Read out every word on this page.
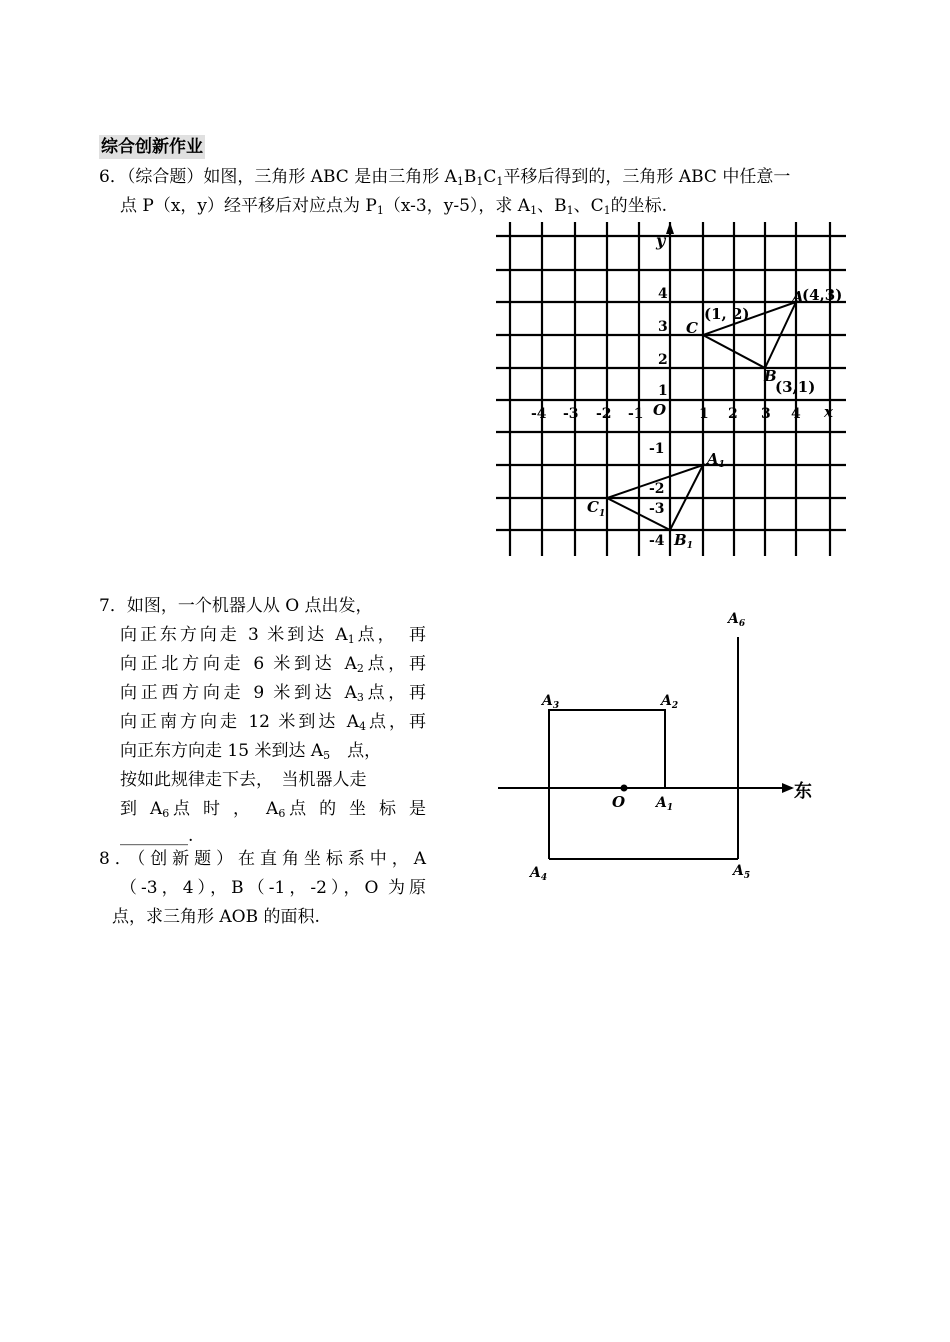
综合创新作业
6．（综合题）如图，三角形 ABC 是由三角形 $A_1B_1C_1$平移后得到的，三角形 ABC 中任意一
点 P（x，y）经平移后对应点为 $P_1(x-3$，y-5），求 $A_1$、$B_1$、$C_1$的坐标.
y
x
O
-4 -3 -2 -1	1 2 3 4
4
3
2
1
-1
-2
-3
-4
A
(4,3)
C
(1, 2)
B
(3,1)
$A_1$
$C_1$
$B_1$
7．如图，一个机器人从 O 点出发，
向正东方向走 3 米到达 $A_1$点，　再
向正北方向走 6 米到达 $A_2$点，再
向正西方向走 9 米到达 $A_3$点，再
向正南方向走 12 米到达 $A_4$点，再
向正东方向走 15 米到达 $A_5$　 点，
按如此规律走下去，　当机器人走
到 $A_6$点 时 ，　$A_6$点 的 坐 标 是
________.
O	东
$A_1$
$A_2$
$A_3$
$A_4$	$A_5$
$A_6$
8．（创新题）在直角坐标系中，A
（-3，4），B（-1，-2），O 为原
点，求三角形 AOB 的面积.
